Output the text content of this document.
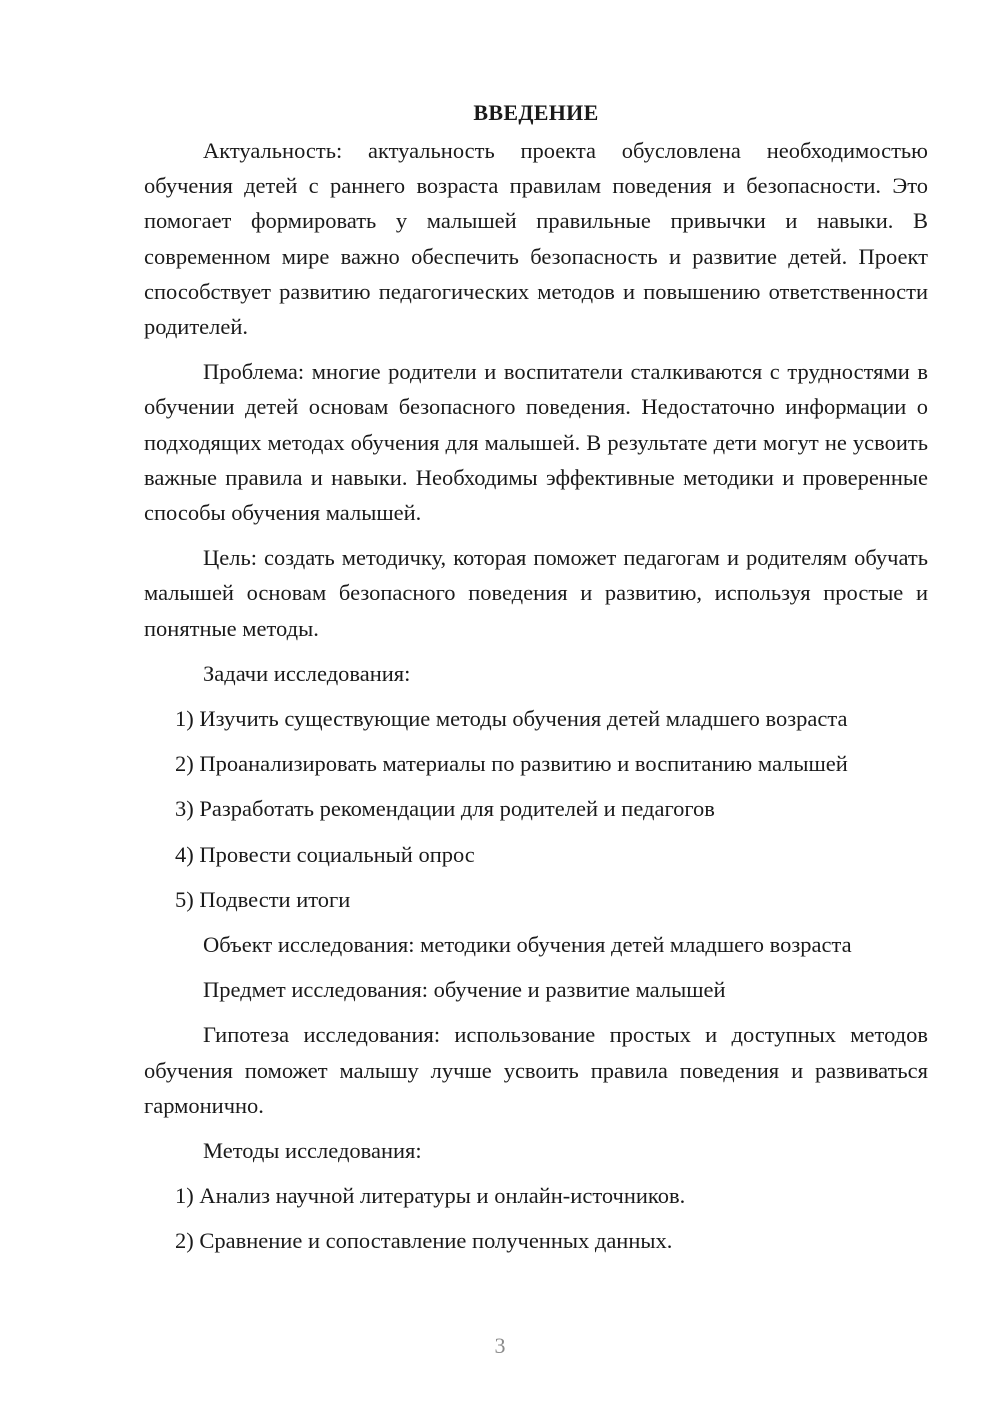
ВВЕДЕНИЕ

Актуальность: актуальность проекта обусловлена необходимостью обучения детей с раннего возраста правилам поведения и безопасности. Это помогает формировать у малышей правильные привычки и навыки. В современном мире важно обеспечить безопасность и развитие детей. Проект способствует развитию педагогических методов и повышению ответственности родителей.

Проблема: многие родители и воспитатели сталкиваются с трудностями в обучении детей основам безопасного поведения. Недостаточно информации о подходящих методах обучения для малышей. В результате дети могут не усвоить важные правила и навыки. Необходимы эффективные методики и проверенные способы обучения малышей.

Цель: создать методичку, которая поможет педагогам и родителям обучать малышей основам безопасного поведения и развитию, используя простые и понятные методы.

Задачи исследования:

1) Изучить существующие методы обучения детей младшего возраста

2) Проанализировать материалы по развитию и воспитанию малышей

3) Разработать рекомендации для родителей и педагогов

4) Провести социальный опрос

5) Подвести итоги

Объект исследования: методики обучения детей младшего возраста

Предмет исследования: обучение и развитие малышей

Гипотеза исследования: использование простых и доступных методов обучения поможет малышу лучше усвоить правила поведения и развиваться гармонично.

Методы исследования:

1) Анализ научной литературы и онлайн-источников.

2) Сравнение и сопоставление полученных данных.

3
